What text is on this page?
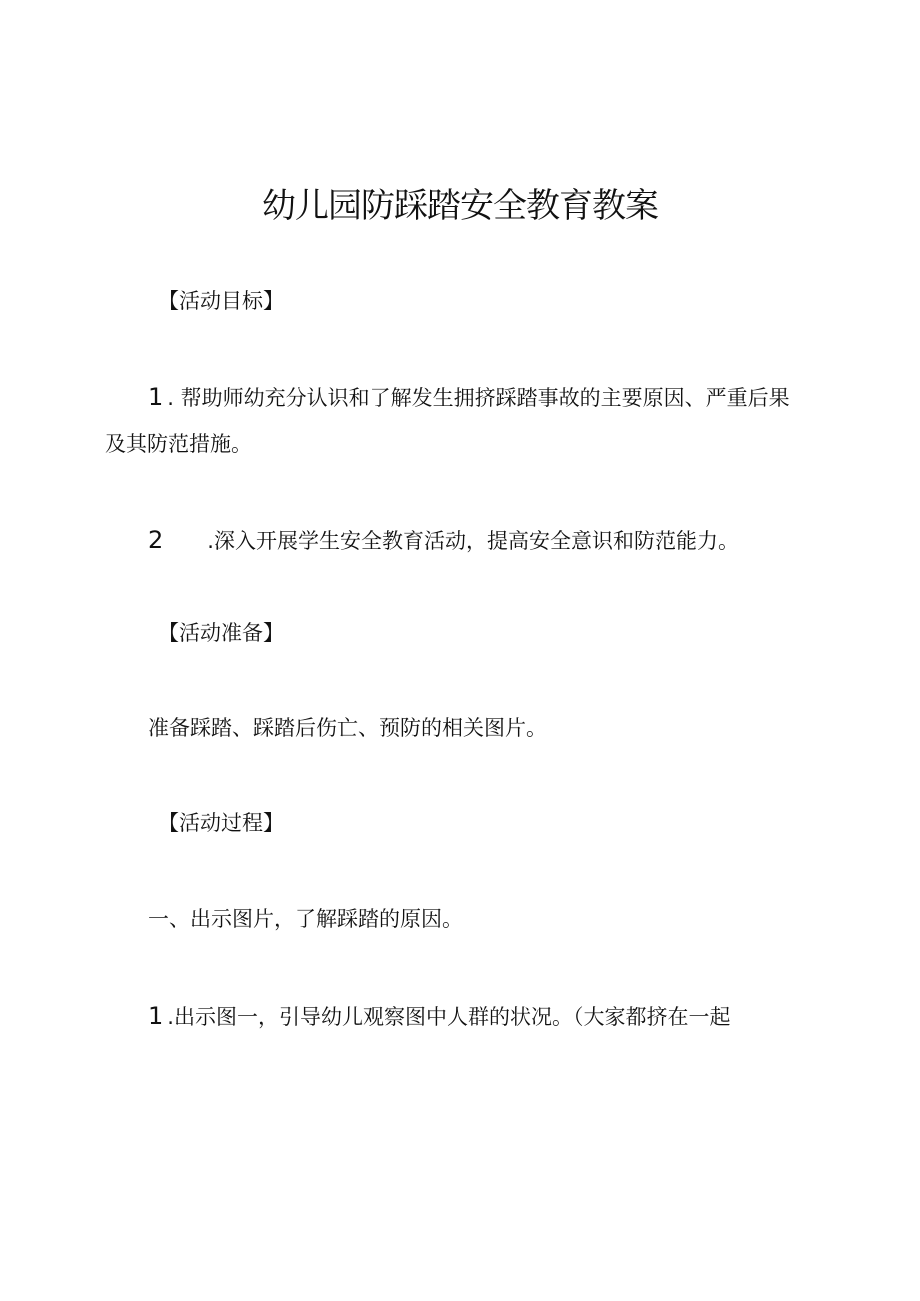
幼儿园防踩踏安全教育教案

【活动目标】

1 . 帮助师幼充分认识和了解发生拥挤踩踏事故的主要原因、严重后果
及其防范措施。

2 .深入开展学生安全教育活动，提高安全意识和防范能力。

【活动准备】

准备踩踏、踩踏后伤亡、预防的相关图片。

【活动过程】

一、出示图片，了解踩踏的原因。

1 .出示图一，引导幼儿观察图中人群的状况。（大家都挤在一起
